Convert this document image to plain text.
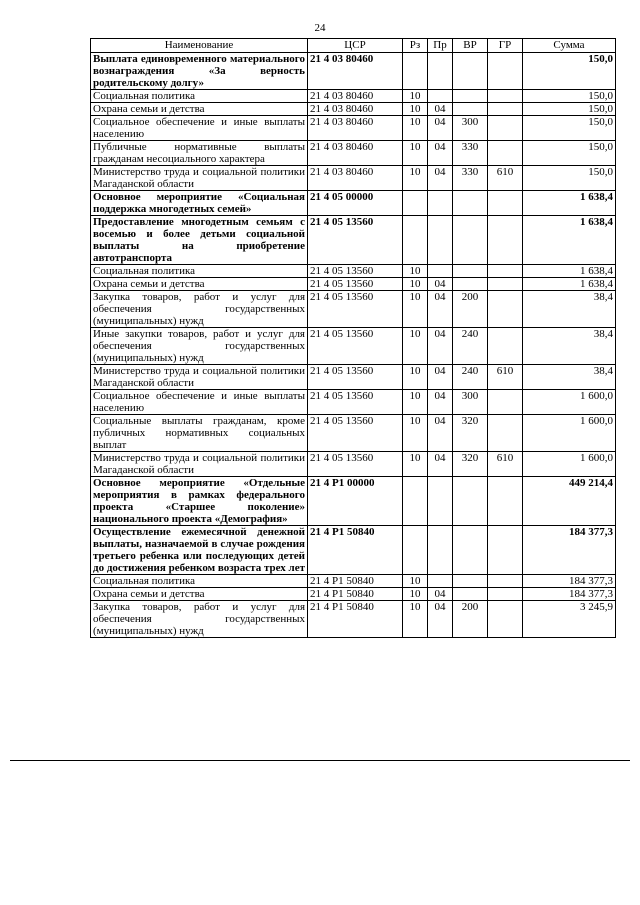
24
Наименование	ЦСР	Рз	Пр	ВР	ГР	Сумма
Выплата единовременного материального вознаграждения «За верность родительскому долгу»	21 4 03 80460					150,0
Социальная политика	21 4 03 80460	10				150,0
Охрана семьи и детства	21 4 03 80460	10	04			150,0
Социальное обеспечение и иные выплаты населению	21 4 03 80460	10	04	300		150,0
Публичные нормативные выплаты гражданам несоциального характера	21 4 03 80460	10	04	330		150,0
Министерство труда и социальной политики Магаданской области	21 4 03 80460	10	04	330	610	150,0
Основное мероприятие «Социальная поддержка многодетных семей»	21 4 05 00000					1 638,4
Предоставление многодетным семьям с восемью и более детьми социальной выплаты на приобретение автотранспорта	21 4 05 13560					1 638,4
Социальная политика	21 4 05 13560	10				1 638,4
Охрана семьи и детства	21 4 05 13560	10	04			1 638,4
Закупка товаров, работ и услуг для обеспечения государственных (муниципальных) нужд	21 4 05 13560	10	04	200		38,4
Иные закупки товаров, работ и услуг для обеспечения государственных (муниципальных) нужд	21 4 05 13560	10	04	240		38,4
Министерство труда и социальной политики Магаданской области	21 4 05 13560	10	04	240	610	38,4
Социальное обеспечение и иные выплаты населению	21 4 05 13560	10	04	300		1 600,0
Социальные выплаты гражданам, кроме публичных нормативных социальных выплат	21 4 05 13560	10	04	320		1 600,0
Министерство труда и социальной политики Магаданской области	21 4 05 13560	10	04	320	610	1 600,0
Основное мероприятие «Отдельные мероприятия в рамках федерального проекта «Старшее поколение» национального проекта «Демография»	21 4 P1 00000					449 214,4
Осуществление ежемесячной денежной выплаты, назначаемой в случае рождения третьего ребенка или последующих детей до достижения ребенком возраста трех лет	21 4 P1 50840					184 377,3
Социальная политика	21 4 P1 50840	10				184 377,3
Охрана семьи и детства	21 4 P1 50840	10	04			184 377,3
Закупка товаров, работ и услуг для обеспечения государственных (муниципальных) нужд	21 4 P1 50840	10	04	200		3 245,9
